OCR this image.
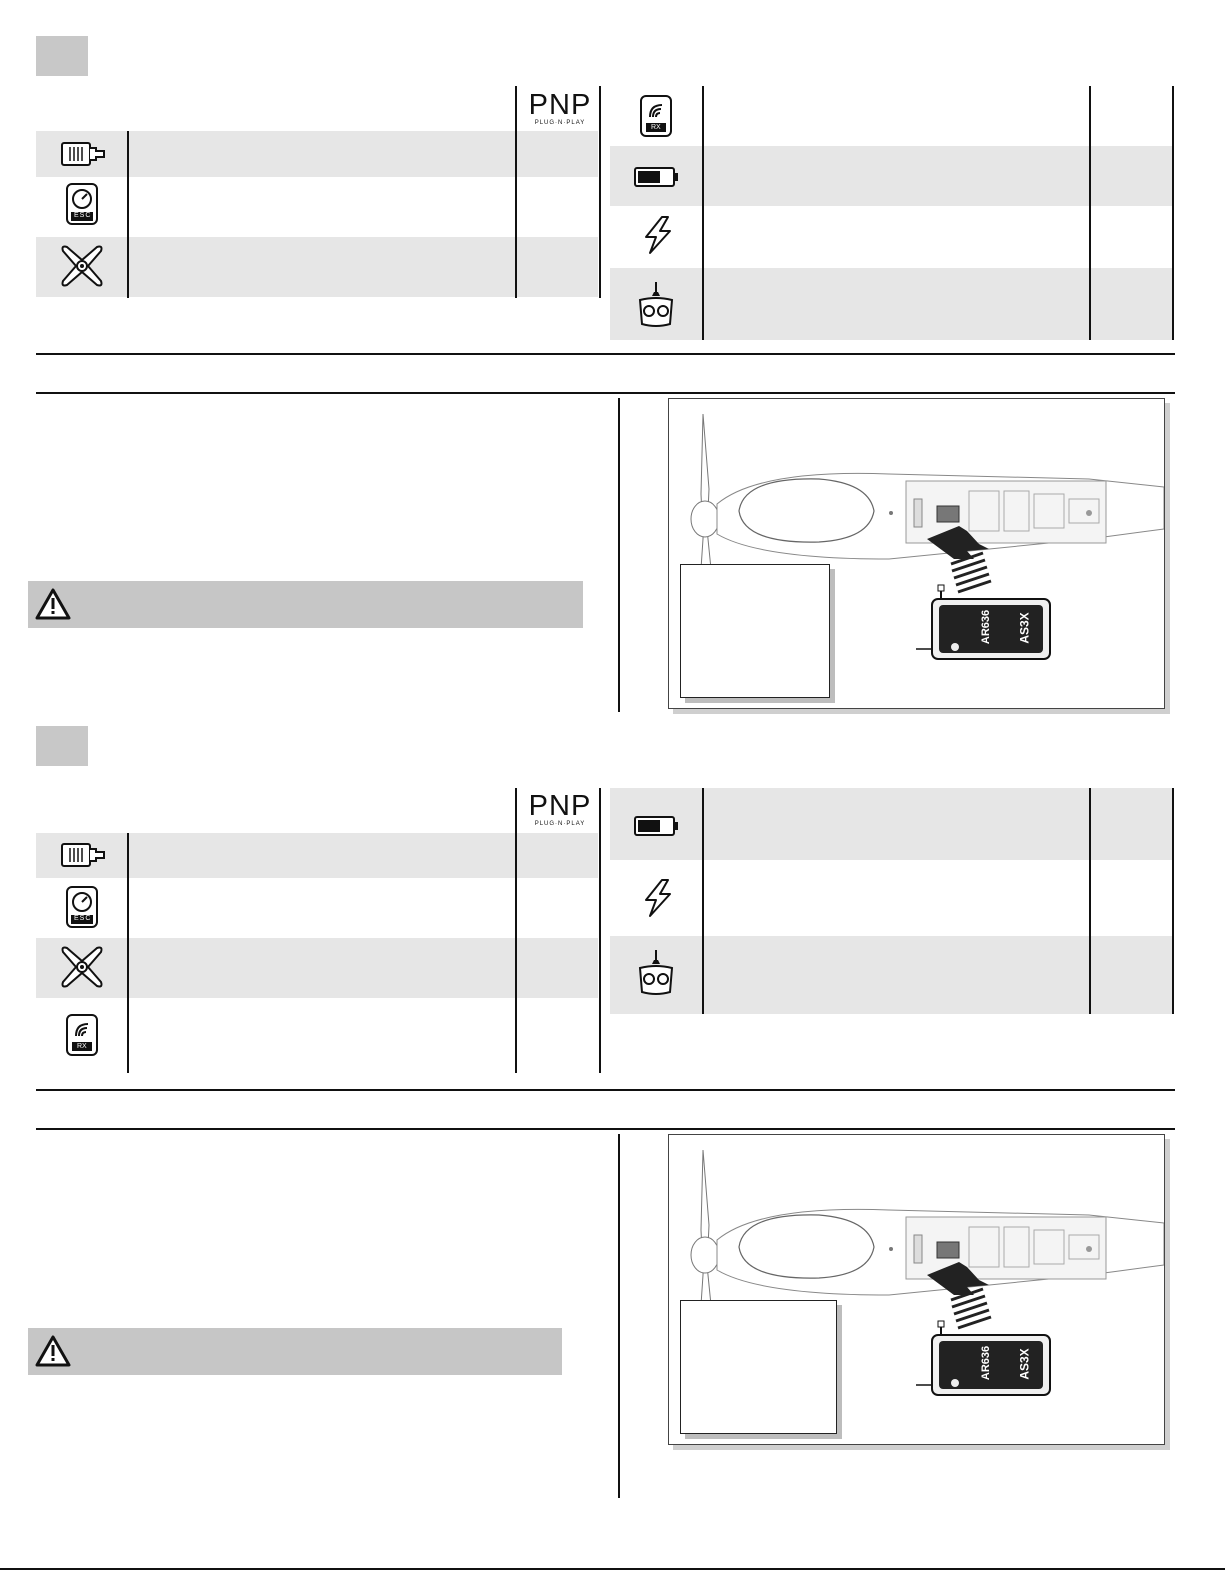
PNP
PLUG·N·PLAY
ESC
RX
AR636 AS3X
PNP
PLUG·N·PLAY
ESC
RX
AR636 AS3X
